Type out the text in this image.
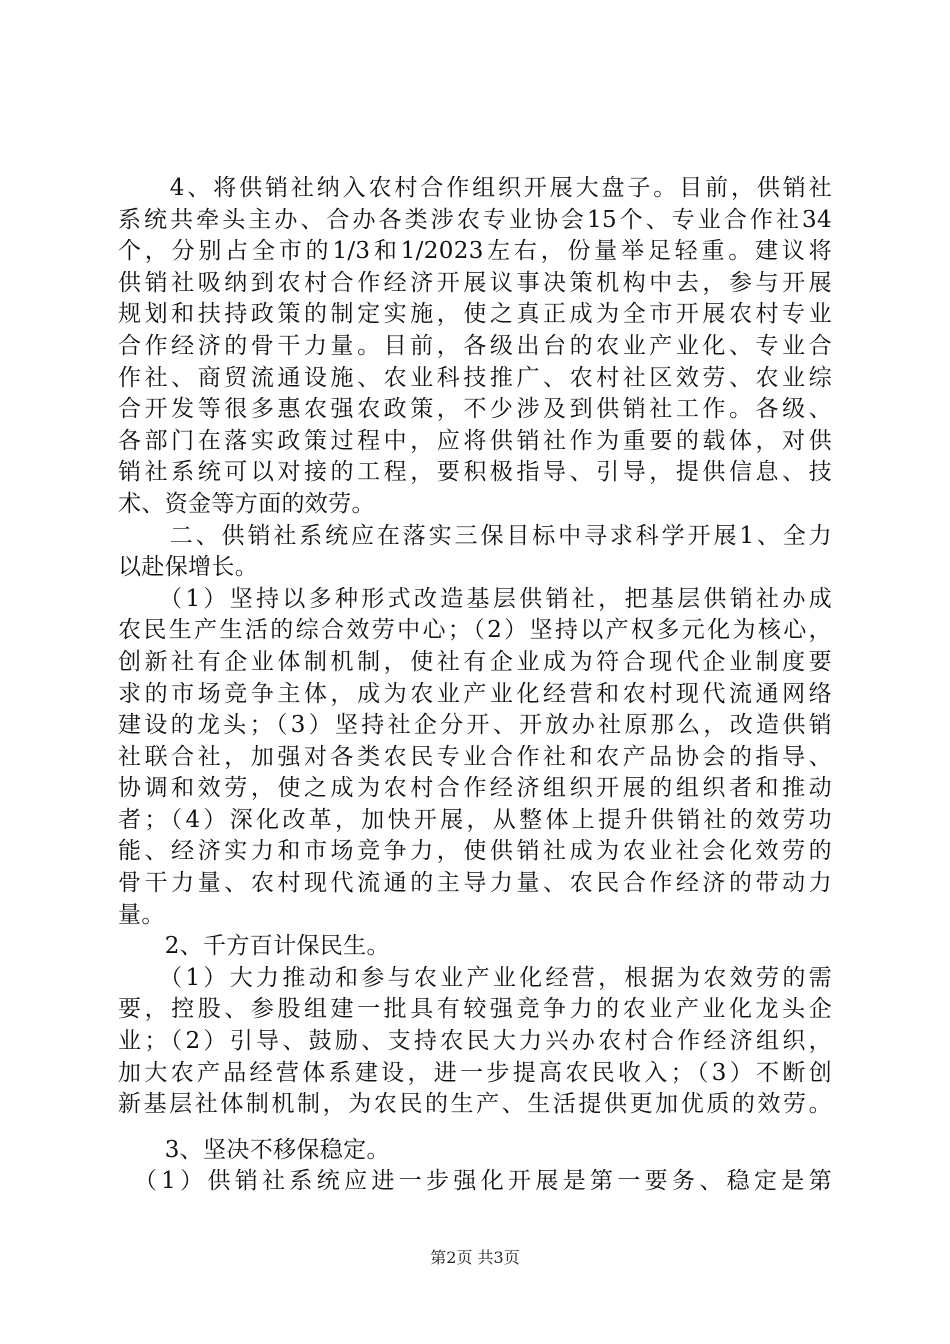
　　4、将供销社纳入农村合作组织开展大盘子。目前，供销社
系统共牵头主办、合办各类涉农专业协会15个、专业合作社34
个，分别占全市的1/3和1/2023左右，份量举足轻重。建议将
供销社吸纳到农村合作经济开展议事决策机构中去，参与开展
规划和扶持政策的制定实施，使之真正成为全市开展农村专业
合作经济的骨干力量。目前，各级出台的农业产业化、专业合
作社、商贸流通设施、农业科技推广、农村社区效劳、农业综
合开发等很多惠农强农政策，不少涉及到供销社工作。各级、
各部门在落实政策过程中，应将供销社作为重要的载体，对供
销社系统可以对接的工程，要积极指导、引导，提供信息、技
术、资金等方面的效劳。
　　二、供销社系统应在落实三保目标中寻求科学开展1、全力
以赴保增长。
　　（1）坚持以多种形式改造基层供销社，把基层供销社办成
农民生产生活的综合效劳中心；（2）坚持以产权多元化为核心，
创新社有企业体制机制，使社有企业成为符合现代企业制度要
求的市场竞争主体，成为农业产业化经营和农村现代流通网络
建设的龙头；（3）坚持社企分开、开放办社原那么，改造供销
社联合社，加强对各类农民专业合作社和农产品协会的指导、
协调和效劳，使之成为农村合作经济组织开展的组织者和推动
者；（4）深化改革，加快开展，从整体上提升供销社的效劳功
能、经济实力和市场竞争力，使供销社成为农业社会化效劳的
骨干力量、农村现代流通的主导力量、农民合作经济的带动力
量。
　　2、千方百计保民生。
　　（1）大力推动和参与农业产业化经营，根据为农效劳的需
要，控股、参股组建一批具有较强竞争力的农业产业化龙头企
业；（2）引导、鼓励、支持农民大力兴办农村合作经济组织，
加大农产品经营体系建设，进一步提高农民收入；（3）不断创
新基层社体制机制，为农民的生产、生活提供更加优质的效劳。
　　3、坚决不移保稳定。
　（1）供销社系统应进一步强化开展是第一要务、稳定是第
第2页 共3页
